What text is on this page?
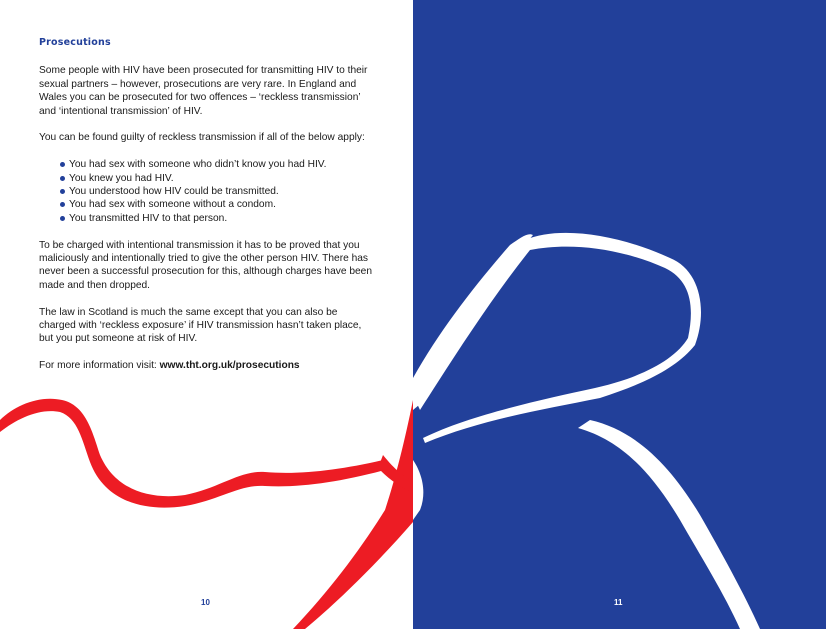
Prosecutions

Some people with HIV have been prosecuted for transmitting HIV to their sexual partners – however, prosecutions are very rare. In England and Wales you can be prosecuted for two offences – ‘reckless transmission’ and ‘intentional transmission’ of HIV.

You can be found guilty of reckless transmission if all of the below apply:

You had sex with someone who didn’t know you had HIV.
You knew you had HIV.
You understood how HIV could be transmitted.
You had sex with someone without a condom.
You transmitted HIV to that person.

To be charged with intentional transmission it has to be proved that you maliciously and intentionally tried to give the other person HIV. There has never been a successful prosecution for this, although charges have been made and then dropped.

The law in Scotland is much the same except that you can also be charged with ‘reckless exposure’ if HIV transmission hasn’t taken place, but you put someone at risk of HIV.

For more information visit: www.tht.org.uk/prosecutions

10	11
